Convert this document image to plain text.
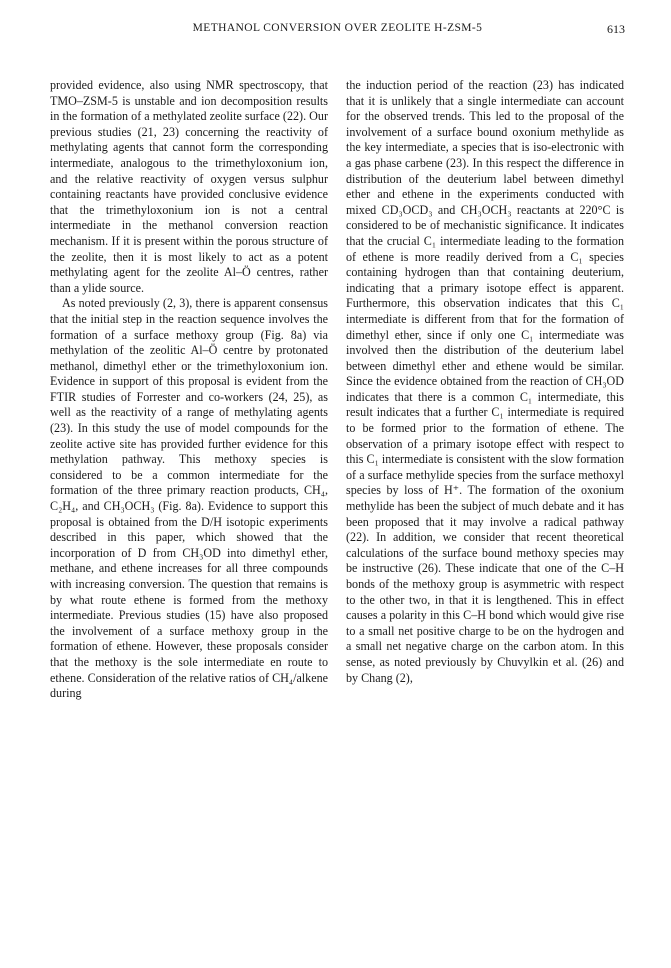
METHANOL CONVERSION OVER ZEOLITE H-ZSM-5	613

provided evidence, also using NMR spectroscopy, that TMO–ZSM-5 is unstable and ion decomposition results in the formation of a methylated zeolite surface (22). Our previous studies (21, 23) concerning the reactivity of methylating agents that cannot form the corresponding intermediate, analogous to the trimethyloxonium ion, and the relative reactivity of oxygen versus sulphur containing reactants have provided conclusive evidence that the trimethyloxonium ion is not a central intermediate in the methanol conversion reaction mechanism. If it is present within the porous structure of the zeolite, then it is most likely to act as a potent methylating agent for the zeolite Al–Ö centres, rather than a ylide source.

As noted previously (2, 3), there is apparent consensus that the initial step in the reaction sequence involves the formation of a surface methoxy group (Fig. 8a) via methylation of the zeolitic Al–Ö centre by protonated methanol, dimethyl ether or the trimethyloxonium ion. Evidence in support of this proposal is evident from the FTIR studies of Forrester and co-workers (24, 25), as well as the reactivity of a range of methylating agents (23). In this study the use of model compounds for the zeolite active site has provided further evidence for this methylation pathway. This methoxy species is considered to be a common intermediate for the formation of the three primary reaction products, CH₄, C₂H₄, and CH₃OCH₃ (Fig. 8a). Evidence to support this proposal is obtained from the D/H isotopic experiments described in this paper, which showed that the incorporation of D from CH₃OD into dimethyl ether, methane, and ethene increases for all three compounds with increasing conversion. The question that remains is by what route ethene is formed from the methoxy intermediate. Previous studies (15) have also proposed the involvement of a surface methoxy group in the formation of ethene. However, these proposals consider that the methoxy is the sole intermediate en route to ethene. Consideration of the relative ratios of CH₄/alkene during

the induction period of the reaction (23) has indicated that it is unlikely that a single intermediate can account for the observed trends. This led to the proposal of the involvement of a surface bound oxonium methylide as the key intermediate, a species that is iso-electronic with a gas phase carbene (23). In this respect the difference in distribution of the deuterium label between dimethyl ether and ethene in the experiments conducted with mixed CD₃OCD₃ and CH₃OCH₃ reactants at 220°C is considered to be of mechanistic significance. It indicates that the crucial C₁ intermediate leading to the formation of ethene is more readily derived from a C₁ species containing hydrogen than that containing deuterium, indicating that a primary isotope effect is apparent. Furthermore, this observation indicates that this C₁ intermediate is different from that for the formation of dimethyl ether, since if only one C₁ intermediate was involved then the distribution of the deuterium label between dimethyl ether and ethene would be similar. Since the evidence obtained from the reaction of CH₃OD indicates that there is a common C₁ intermediate, this result indicates that a further C₁ intermediate is required to be formed prior to the formation of ethene. The observation of a primary isotope effect with respect to this C₁ intermediate is consistent with the slow formation of a surface methylide species from the surface methoxyl species by loss of H⁺. The formation of the oxonium methylide has been the subject of much debate and it has been proposed that it may involve a radical pathway (22). In addition, we consider that recent theoretical calculations of the surface bound methoxy species may be instructive (26). These indicate that one of the C–H bonds of the methoxy group is asymmetric with respect to the other two, in that it is lengthened. This in effect causes a polarity in this C–H bond which would give rise to a small net positive charge to be on the hydrogen and a small net negative charge on the carbon atom. In this sense, as noted previously by Chuvylkin et al. (26) and by Chang (2),
